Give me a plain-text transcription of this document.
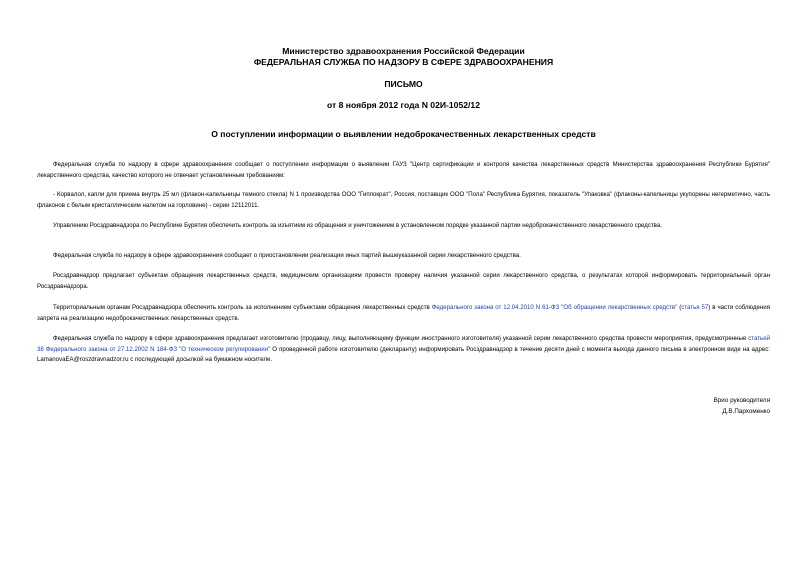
Министерство здравоохранения Российской Федерации
ФЕДЕРАЛЬНАЯ СЛУЖБА ПО НАДЗОРУ В СФЕРЕ ЗДРАВООХРАНЕНИЯ
ПИСЬМО
от 8 ноября 2012 года N 02И-1052/12
О поступлении информации о выявлении недоброкачественных лекарственных средств

Федеральная служба по надзору в сфере здравоохранения сообщает о поступлении информации о выявлении ГАУЗ "Центр сертификации и контроля качества лекарственных средств Министерства здравоохранения Республики Бурятия" лекарственного средства, качество которого не отвечает установленным требованиям:

- Корвалол, капли для приема внутрь 25 мл (флакон-капельницы темного стекла) N 1 производства ООО "Гиппократ", Россия, поставщик ООО "Пола" Республика Бурятия, показатель "Упаковка" (флаконы-капельницы укупорены негерметично, часть флаконов с белым кристаллическим налетом на горловине) - серии 12112011.

Управлению Росздравнадзора по Республике Бурятия обеспечить контроль за изъятием из обращения и уничтожением в установленном порядке указанной партии недоброкачественного лекарственного средства.

Федеральная служба по надзору в сфере здравоохранения сообщает о приостановлении реализации иных партий вышеуказанной серии лекарственного средства.

Росздравнадзор предлагает субъектам обращения лекарственных средств, медицинским организациям провести проверку наличия указанной серии лекарственного средства, о результатах которой информировать территориальный орган Росздравнадзора.

Территориальным органам Росздравнадзора обеспечить контроль за исполнением субъектами обращения лекарственных средств Федерального закона от 12.04.2010 N 61-ФЗ "Об обращении лекарственных средств" (статья 57) в части соблюдения запрета на реализацию недоброкачественных лекарственных средств.

Федеральная служба по надзору в сфере здравоохранения предлагает изготовителю (продавцу, лицу, выполняющему функции иностранного изготовителя) указанной серии лекарственного средства провести мероприятия, предусмотренные статьей 38 Федерального закона от 27.12.2002 N 184-ФЗ "О техническом регулировании" О проведенной работе изготовителю (декларанту) информировать Росздравнадзор в течение десяти дней с момента выхода данного письма в электронном виде на адрес: LamanovaEA@roszdravnadzor.ru с последующей досылкой на бумажном носителе.

Врио руководителя
Д.В.Пархоменко
